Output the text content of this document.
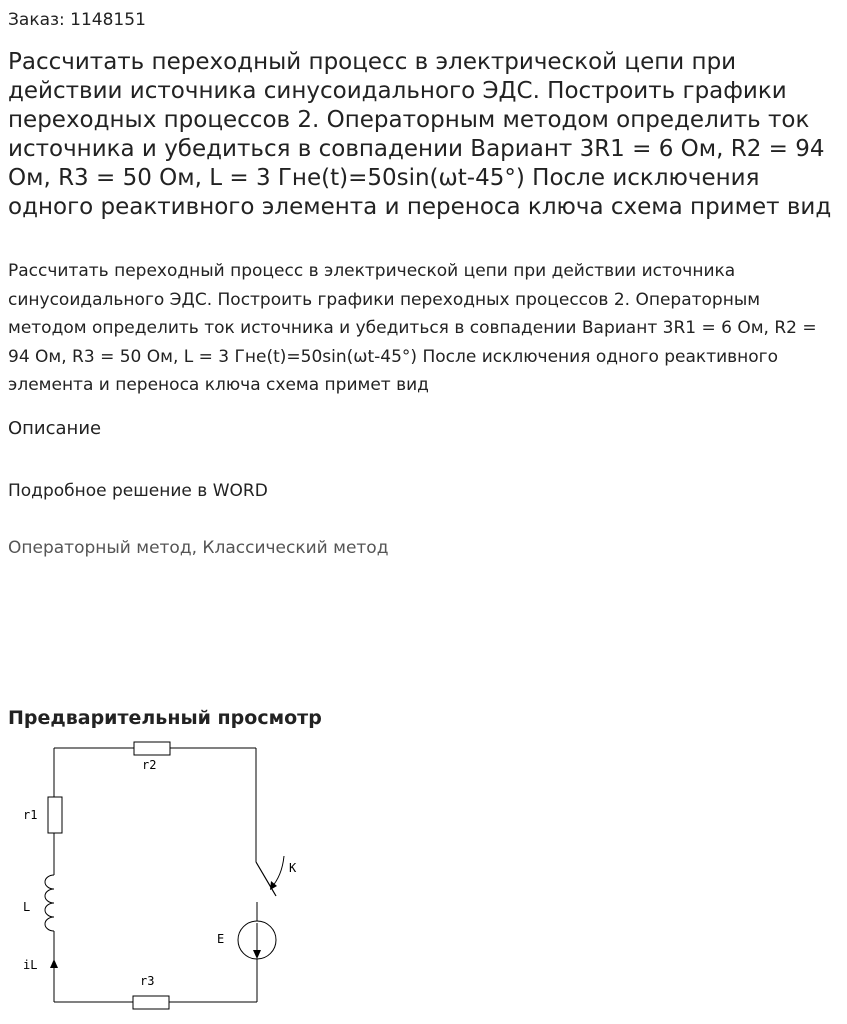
Заказ: 1148151
Рассчитать переходный процесс в электрической цепи при действии источника синусоидального ЭДС. Построить графики переходных процессов 2. Операторным методом определить ток источника и убедиться в совпадении Вариант 3R1 = 6 Ом, R2 = 94 Ом, R3 = 50 Ом, L = 3 Гне(t)=50sin(ωt-45°) После исключения одного реактивного элемента и переноса ключа схема примет вид

Рассчитать переходный процесс в электрической цепи при действии источника синусоидального ЭДС. Построить графики переходных процессов 2. Операторным методом определить ток источника и убедиться в совпадении Вариант 3R1 = 6 Ом, R2 = 94 Ом, R3 = 50 Ом, L = 3 Гне(t)=50sin(ωt-45°) После исключения одного реактивного элемента и переноса ключа схема примет вид

Описание
Подробное решение в WORD
Операторный метод, Классический метод
Предварительный просмотр
r2
r1
L
iL
r3
K
E
